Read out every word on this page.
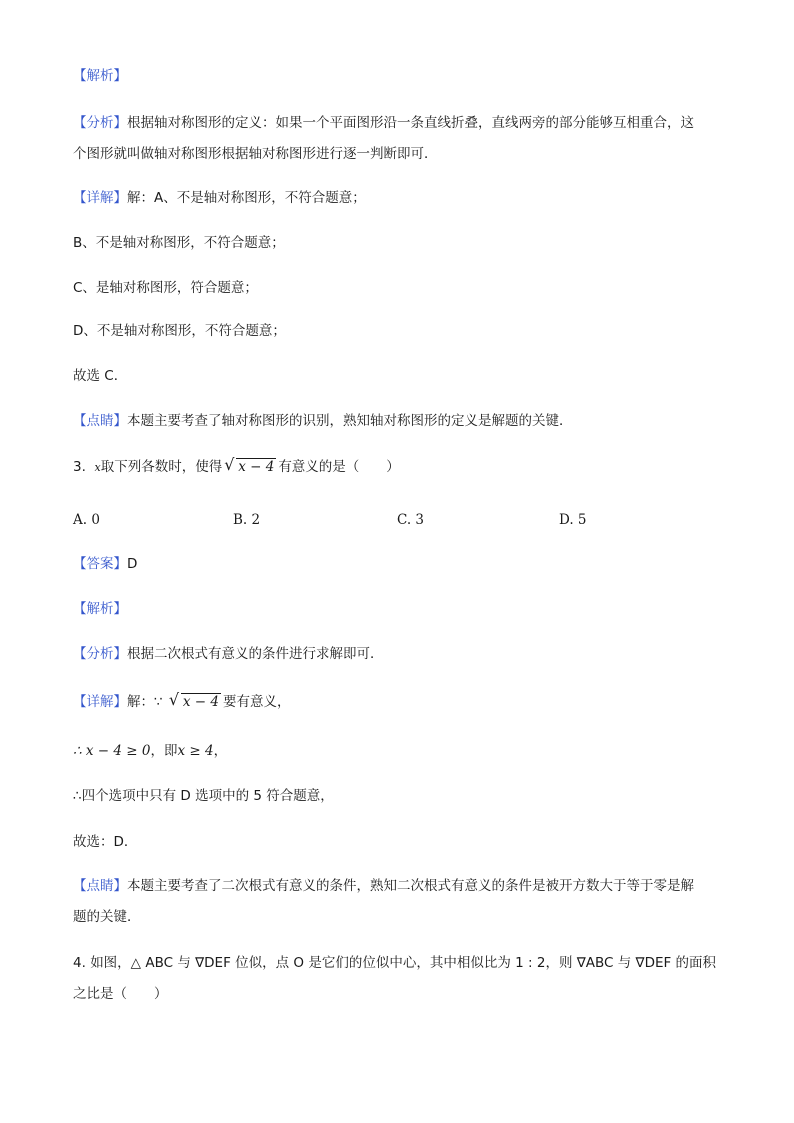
【解析】
【分析】根据轴对称图形的定义：如果一个平面图形沿一条直线折叠，直线两旁的部分能够互相重合，这
个图形就叫做轴对称图形根据轴对称图形进行逐一判断即可．
【详解】解：A、不是轴对称图形，不符合题意；
B、不是轴对称图形，不符合题意；
C、是轴对称图形，符合题意；
D、不是轴对称图形，不符合题意；
故选 C．
【点睛】本题主要考查了轴对称图形的识别，熟知轴对称图形的定义是解题的关键．
3. x取下列各数时，使得 √ x − 4 有意义的是（　　）
A. 0	B. 2	C. 3	D. 5
【答案】D
【解析】
【分析】根据二次根式有意义的条件进行求解即可．
【详解】解：∵ √ x − 4 要有意义，
∴ x − 4 ≥ 0，即x ≥ 4，
∴四个选项中只有 D 选项中的 5 符合题意，
故选：D．
【点睛】本题主要考查了二次根式有意义的条件，熟知二次根式有意义的条件是被开方数大于等于零是解
题的关键．
4. 如图，△ ABC 与 ∇DEF 位似，点 O 是它们的位似中心，其中相似比为 1 : 2，则 ∇ABC 与 ∇DEF 的面积
之比是（　　）
